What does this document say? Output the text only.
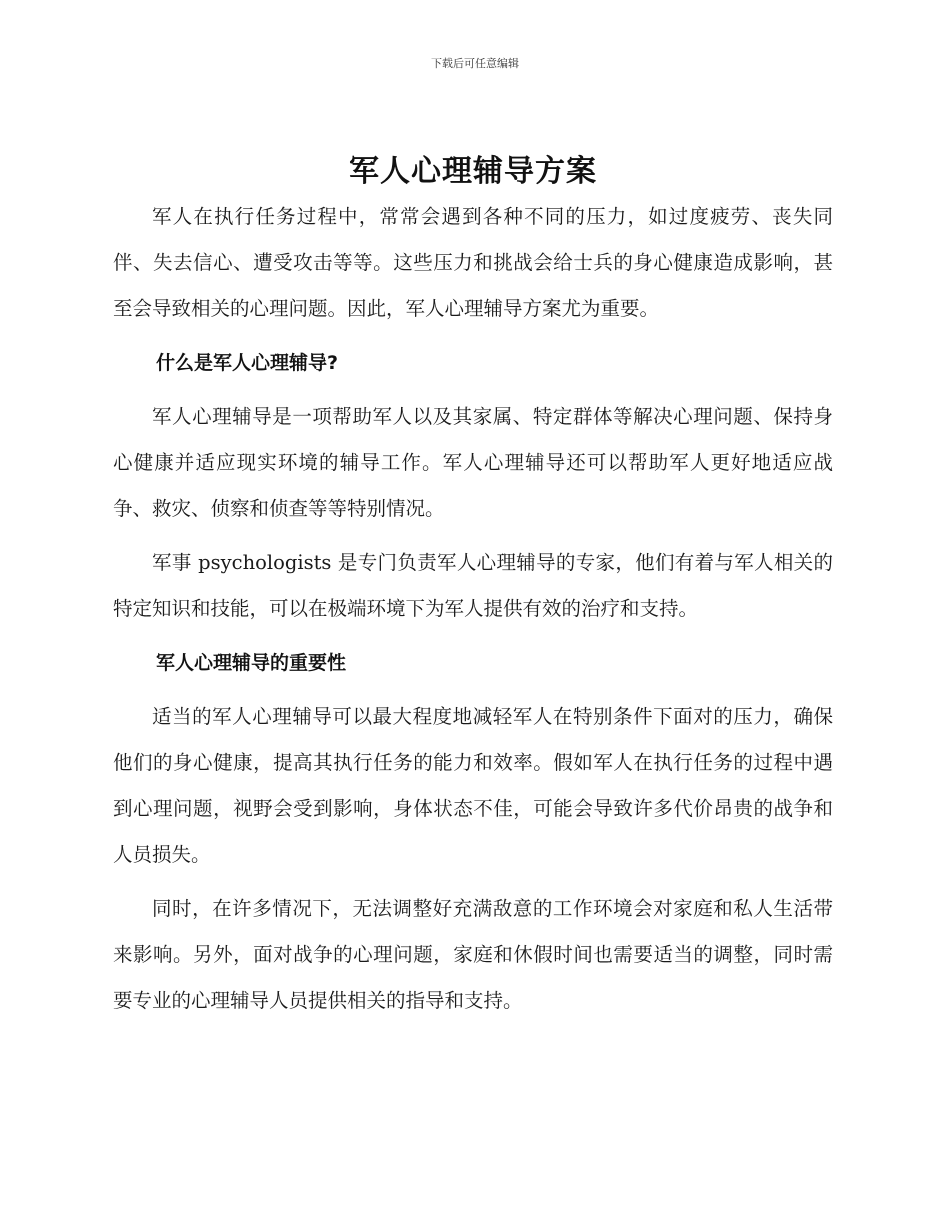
下载后可任意编辑
军人心理辅导方案

军人在执行任务过程中，常常会遇到各种不同的压力，如过度疲劳、丧失同伴、失去信心、遭受攻击等等。这些压力和挑战会给士兵的身心健康造成影响，甚至会导致相关的心理问题。因此，军人心理辅导方案尤为重要。

什么是军人心理辅导?

军人心理辅导是一项帮助军人以及其家属、特定群体等解决心理问题、保持身心健康并适应现实环境的辅导工作。军人心理辅导还可以帮助军人更好地适应战争、救灾、侦察和侦查等等特别情况。

军事 psychologists 是专门负责军人心理辅导的专家，他们有着与军人相关的特定知识和技能，可以在极端环境下为军人提供有效的治疗和支持。

军人心理辅导的重要性

适当的军人心理辅导可以最大程度地减轻军人在特别条件下面对的压力，确保他们的身心健康，提高其执行任务的能力和效率。假如军人在执行任务的过程中遇到心理问题，视野会受到影响，身体状态不佳，可能会导致许多代价昂贵的战争和人员损失。

同时，在许多情况下，无法调整好充满敌意的工作环境会对家庭和私人生活带来影响。另外，面对战争的心理问题，家庭和休假时间也需要适当的调整，同时需要专业的心理辅导人员提供相关的指导和支持。
